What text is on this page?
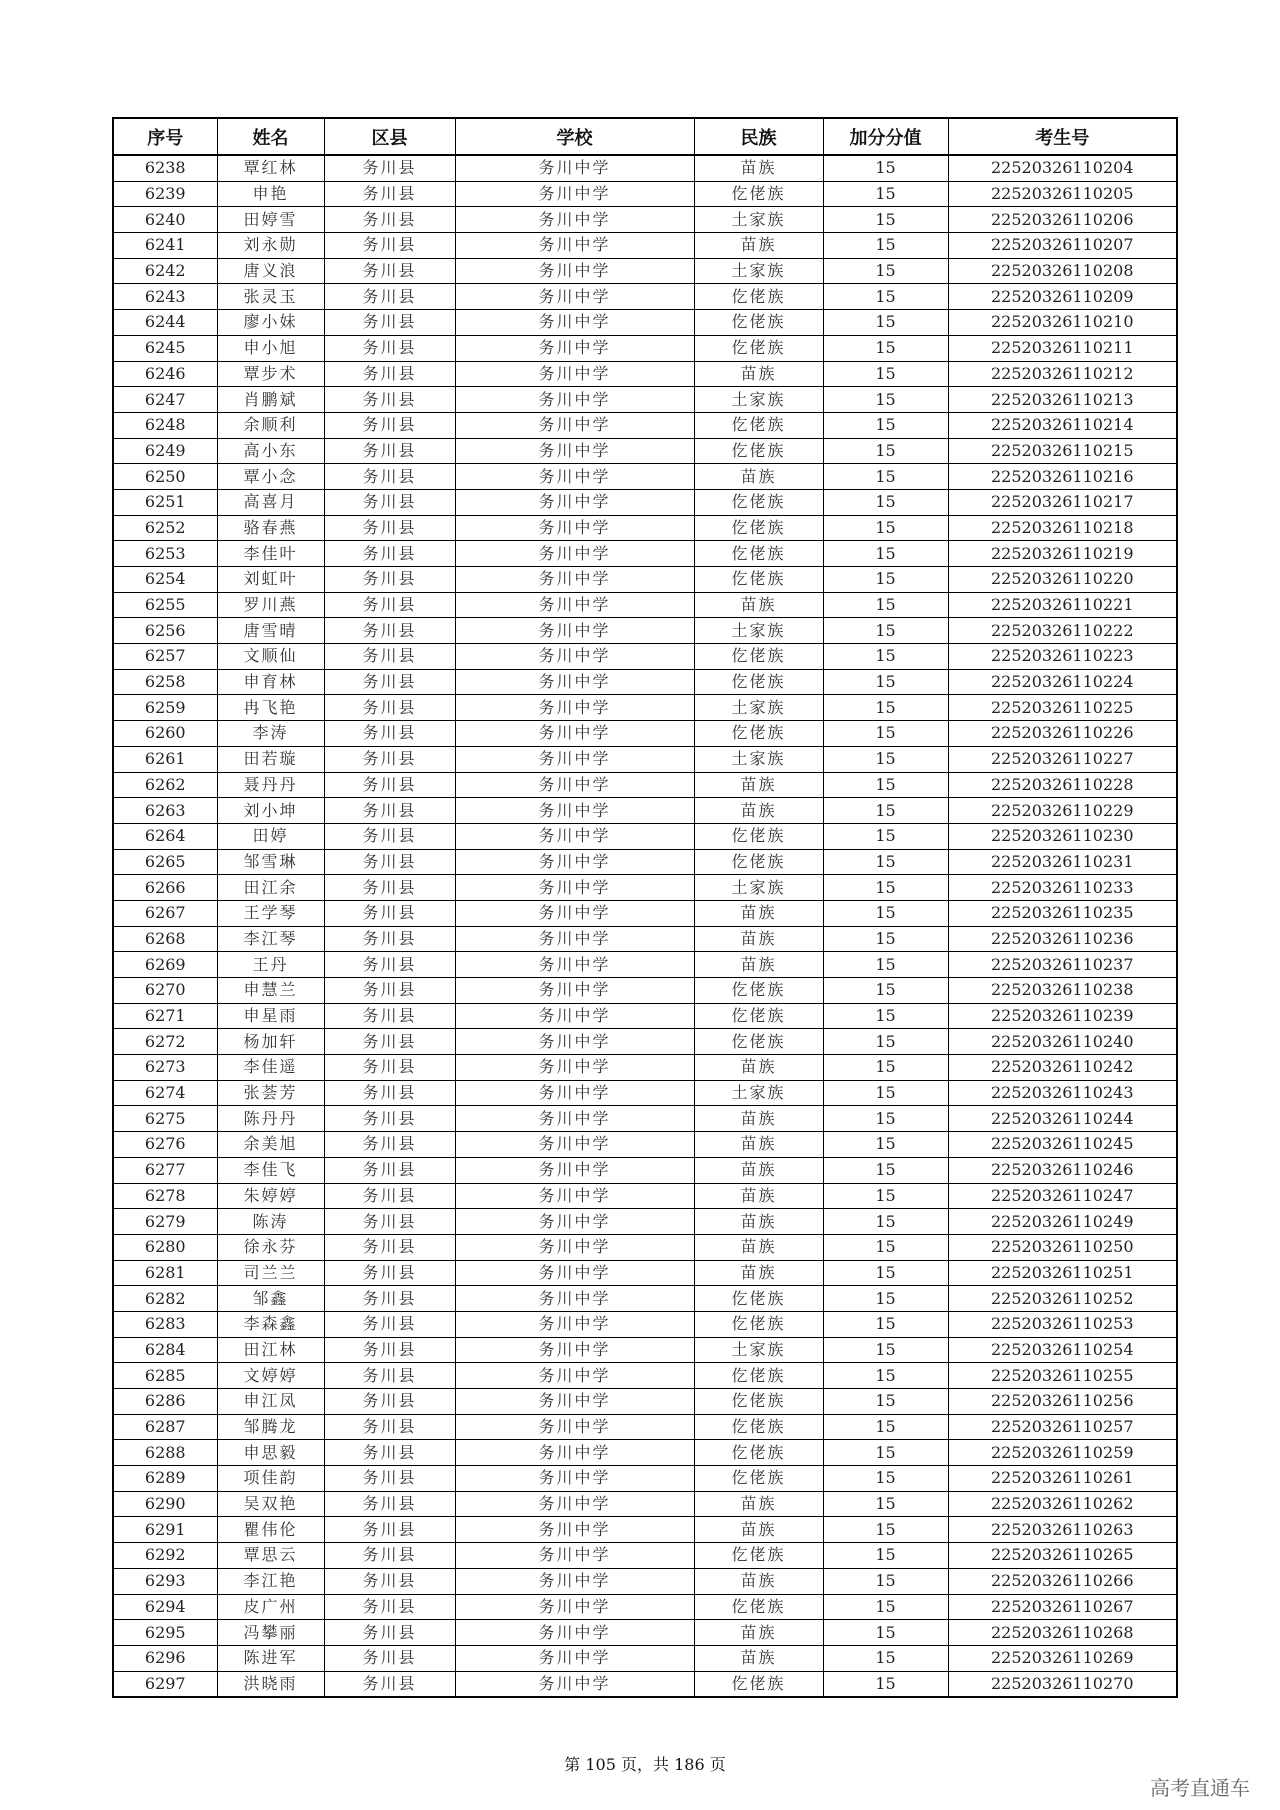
序号	姓名	区县	学校	民族	加分分值	考生号
6238	覃红林	务川县	务川中学	苗族	15	22520326110204
6239	申艳	务川县	务川中学	仡佬族	15	22520326110205
6240	田婷雪	务川县	务川中学	土家族	15	22520326110206
6241	刘永勋	务川县	务川中学	苗族	15	22520326110207
6242	唐义浪	务川县	务川中学	土家族	15	22520326110208
6243	张灵玉	务川县	务川中学	仡佬族	15	22520326110209
6244	廖小妹	务川县	务川中学	仡佬族	15	22520326110210
6245	申小旭	务川县	务川中学	仡佬族	15	22520326110211
6246	覃步术	务川县	务川中学	苗族	15	22520326110212
6247	肖鹏斌	务川县	务川中学	土家族	15	22520326110213
6248	余顺利	务川县	务川中学	仡佬族	15	22520326110214
6249	高小东	务川县	务川中学	仡佬族	15	22520326110215
6250	覃小念	务川县	务川中学	苗族	15	22520326110216
6251	高喜月	务川县	务川中学	仡佬族	15	22520326110217
6252	骆春燕	务川县	务川中学	仡佬族	15	22520326110218
6253	李佳叶	务川县	务川中学	仡佬族	15	22520326110219
6254	刘虹叶	务川县	务川中学	仡佬族	15	22520326110220
6255	罗川燕	务川县	务川中学	苗族	15	22520326110221
6256	唐雪晴	务川县	务川中学	土家族	15	22520326110222
6257	文顺仙	务川县	务川中学	仡佬族	15	22520326110223
6258	申育林	务川县	务川中学	仡佬族	15	22520326110224
6259	冉飞艳	务川县	务川中学	土家族	15	22520326110225
6260	李涛	务川县	务川中学	仡佬族	15	22520326110226
6261	田若璇	务川县	务川中学	土家族	15	22520326110227
6262	聂丹丹	务川县	务川中学	苗族	15	22520326110228
6263	刘小坤	务川县	务川中学	苗族	15	22520326110229
6264	田婷	务川县	务川中学	仡佬族	15	22520326110230
6265	邹雪琳	务川县	务川中学	仡佬族	15	22520326110231
6266	田江余	务川县	务川中学	土家族	15	22520326110233
6267	王学琴	务川县	务川中学	苗族	15	22520326110235
6268	李江琴	务川县	务川中学	苗族	15	22520326110236
6269	王丹	务川县	务川中学	苗族	15	22520326110237
6270	申慧兰	务川县	务川中学	仡佬族	15	22520326110238
6271	申星雨	务川县	务川中学	仡佬族	15	22520326110239
6272	杨加轩	务川县	务川中学	仡佬族	15	22520326110240
6273	李佳遥	务川县	务川中学	苗族	15	22520326110242
6274	张荟芳	务川县	务川中学	土家族	15	22520326110243
6275	陈丹丹	务川县	务川中学	苗族	15	22520326110244
6276	余美旭	务川县	务川中学	苗族	15	22520326110245
6277	李佳飞	务川县	务川中学	苗族	15	22520326110246
6278	朱婷婷	务川县	务川中学	苗族	15	22520326110247
6279	陈涛	务川县	务川中学	苗族	15	22520326110249
6280	徐永芬	务川县	务川中学	苗族	15	22520326110250
6281	司兰兰	务川县	务川中学	苗族	15	22520326110251
6282	邹鑫	务川县	务川中学	仡佬族	15	22520326110252
6283	李森鑫	务川县	务川中学	仡佬族	15	22520326110253
6284	田江林	务川县	务川中学	土家族	15	22520326110254
6285	文婷婷	务川县	务川中学	仡佬族	15	22520326110255
6286	申江凤	务川县	务川中学	仡佬族	15	22520326110256
6287	邹腾龙	务川县	务川中学	仡佬族	15	22520326110257
6288	申思毅	务川县	务川中学	仡佬族	15	22520326110259
6289	项佳韵	务川县	务川中学	仡佬族	15	22520326110261
6290	吴双艳	务川县	务川中学	苗族	15	22520326110262
6291	瞿伟伦	务川县	务川中学	苗族	15	22520326110263
6292	覃思云	务川县	务川中学	仡佬族	15	22520326110265
6293	李江艳	务川县	务川中学	苗族	15	22520326110266
6294	皮广州	务川县	务川中学	仡佬族	15	22520326110267
6295	冯攀丽	务川县	务川中学	苗族	15	22520326110268
6296	陈进军	务川县	务川中学	苗族	15	22520326110269
6297	洪晓雨	务川县	务川中学	仡佬族	15	22520326110270
第 105 页，共 186 页
高考直通车
